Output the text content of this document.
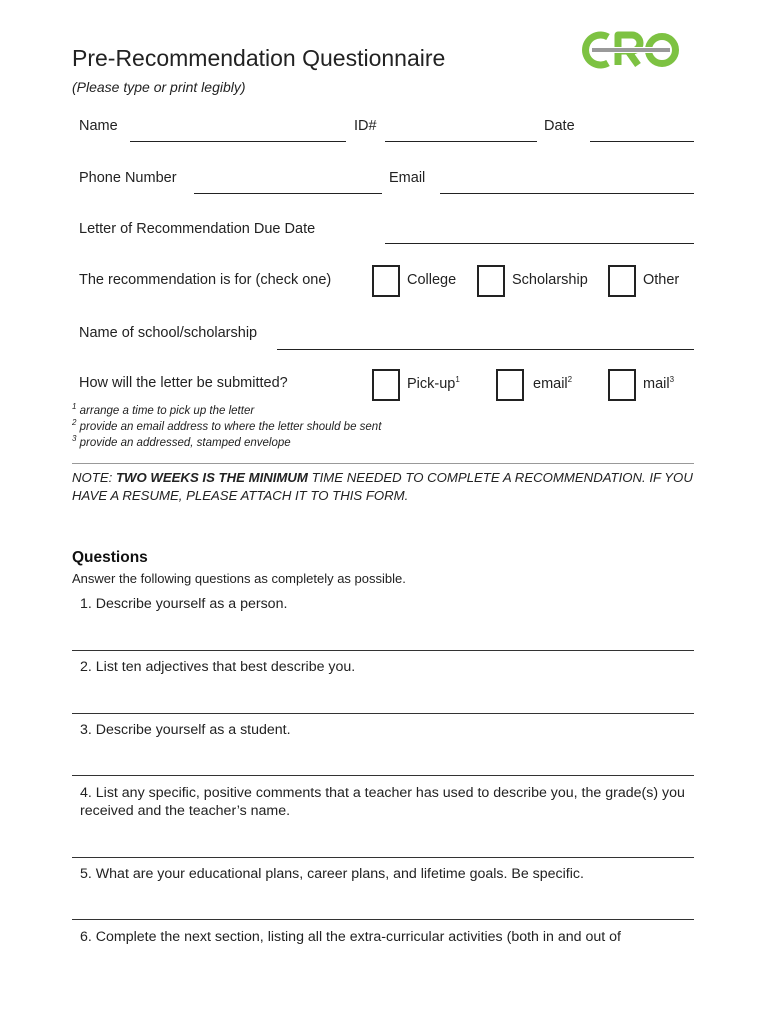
Pre-Recommendation Questionnaire
(Please type or print legibly)
Name	ID#	Date
Phone Number	Email
Letter of Recommendation Due Date
The recommendation is for (check one)	College	Scholarship	Other
Name of school/scholarship
How will the letter be submitted?	Pick-$up^1$	email$^2$	mail$^3$
$^1$ arrange a time to pick up the letter
$^2$ provide an email address to where the letter should be sent
$^3$ provide an addressed, stamped envelope
NOTE: TWO WEEKS IS THE MINIMUM TIME NEEDED TO COMPLETE A RECOMMENDATION. IF YOU HAVE A RESUME, PLEASE ATTACH IT TO THIS FORM.
Questions
Answer the following questions as completely as possible.
1. Describe yourself as a person.
2. List ten adjectives that best describe you.
3. Describe yourself as a student.
4. List any specific, positive comments that a teacher has used to describe you, the grade(s) you received and the teacher’s name.
5. What are your educational plans, career plans, and lifetime goals. Be specific.
6. Complete the next section, listing all the extra-curricular activities (both in and out of
